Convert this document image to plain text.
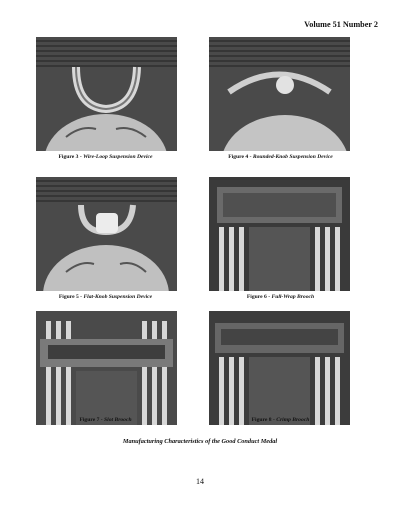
Volume 51 Number 2
Figure 3 - Wire-Loop Suspension Device	Figure 4 - Rounded-Knob Suspension Device
Figure 5 - Flat-Knob Suspension Device	Figure 6 - Full-Wrap Brooch
Figure 7 - Slot Brooch	Figure 8 - Crimp Brooch
Manufacturing Characteristics of the Good Conduct Medal
14
